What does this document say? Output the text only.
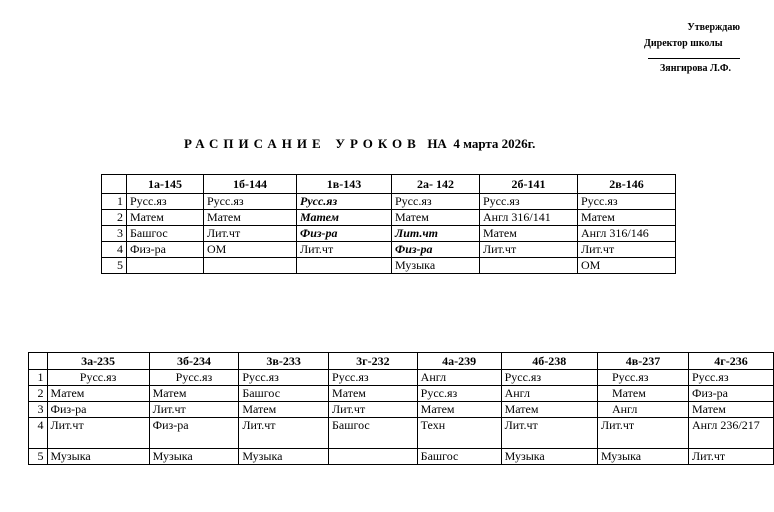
Утверждаю
Директор школы
Зянгирова Л.Ф.
РАСПИСАНИЕ УРОКОВ НА 4 марта 2026г.
	1а-145	1б-144	1в-143	2а- 142	2б-141	2в-146
1	Русс.яз	Русс.яз	Русс.яз	Русс.яз	Русс.яз	Русс.яз
2	Матем	Матем	Матем	Матем	Англ 316/141	Матем
3	Башгос	Лит.чт	Физ-ра	Лит.чт	Матем	Англ 316/146
4	Физ-ра	ОМ	Лит.чт	Физ-ра	Лит.чт	Лит.чт
5				Музыка		ОМ
	3а-235	3б-234	3в-233	3г-232	4а-239	4б-238	4в-237	4г-236
1	Русс.яз	Русс.яз	Русс.яз	Русс.яз	Англ	Русс.яз	Русс.яз	Русс.яз
2	Матем	Матем	Башгос	Матем	Русс.яз	Англ	Матем	Физ-ра
3	Физ-ра	Лит.чт	Матем	Лит.чт	Матем	Матем	Англ	Матем
4	Лит.чт	Физ-ра	Лит.чт	Башгос	Техн	Лит.чт	Лит.чт	Англ 236/217
5	Музыка	Музыка	Музыка		Башгос	Музыка	Музыка	Лит.чт
